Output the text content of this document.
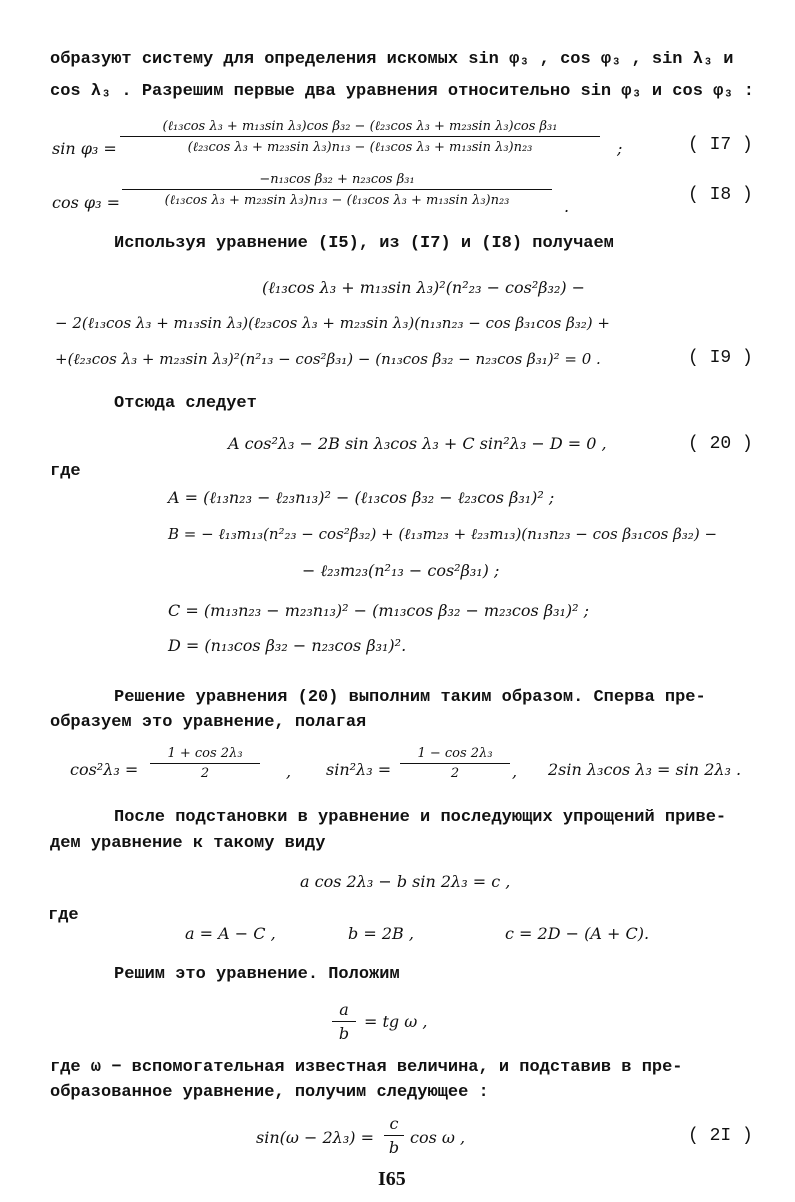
образуют систему для определения искомых sin φ₃ , cos φ₃ , sin λ₃ и
cos λ₃ . Разрешим первые два уравнения относительно sin φ₃ и cos φ₃ :
sin φ₃ =
(ℓ₁₃cos λ₃ + m₁₃sin λ₃)cos β₃₂ − (ℓ₂₃cos λ₃ + m₂₃sin λ₃)cos β₃₁
(ℓ₂₃cos λ₃ + m₂₃sin λ₃)n₁₃ − (ℓ₁₃cos λ₃ + m₁₃sin λ₃)n₂₃	;	( I7 )
cos φ₃ =
−n₁₃cos β₃₂ + n₂₃cos β₃₁
(ℓ₁₃cos λ₃ + m₂₃sin λ₃)n₁₃ − (ℓ₁₃cos λ₃ + m₁₃sin λ₃)n₂₃	.
( I8 )
Используя уравнение (I5), из (I7) и (I8) получаем
(ℓ₁₃cos λ₃ + m₁₃sin λ₃)²(n²₂₃ − cos²β₃₂) −
− 2(ℓ₁₃cos λ₃ + m₁₃sin λ₃)(ℓ₂₃cos λ₃ + m₂₃sin λ₃)(n₁₃n₂₃ − cos β₃₁cos β₃₂) +
+(ℓ₂₃cos λ₃ + m₂₃sin λ₃)²(n²₁₃ − cos²β₃₁) − (n₁₃cos β₃₂ − n₂₃cos β₃₁)² = 0 .	( I9 )
Отсюда следует
A cos²λ₃ − 2B sin λ₃cos λ₃ + C sin²λ₃ − D = 0 ,	( 20 )
где
A = (ℓ₁₃n₂₃ − ℓ₂₃n₁₃)² − (ℓ₁₃cos β₃₂ − ℓ₂₃cos β₃₁)² ;
B = − ℓ₁₃m₁₃(n²₂₃ − cos²β₃₂) + (ℓ₁₃m₂₃ + ℓ₂₃m₁₃)(n₁₃n₂₃ − cos β₃₁cos β₃₂) −
− ℓ₂₃m₂₃(n²₁₃ − cos²β₃₁) ;
C = (m₁₃n₂₃ − m₂₃n₁₃)² − (m₁₃cos β₃₂ − m₂₃cos β₃₁)² ;
D = (n₁₃cos β₃₂ − n₂₃cos β₃₁)².
Решение уравнения (20) выполним таким образом. Сперва пре-
образуем это уравнение, полагая
$\cos^2\lambda_3 = \frac{\text{1 + cos 2λ₃}}{2}$ , $\sin^2\lambda_3 = \frac{\text{1 − cos 2λ₃}}{2}$ , 2sin λ₃cos λ₃ = sin 2λ₃ .
После подстановки в уравнение и последующих упрощений приве-
дем уравнение к такому виду
a cos 2λ₃ − b sin 2λ₃ = c ,
где
a = A − C ,	b = 2B ,	c = 2D − (A + C).
Решим это уравнение. Положим
$\frac{a}{b}$ = tg ω ,
где ω − вспомогательная известная величина, и подставив в пре-
образованное уравнение, получим следующее :
$\sin(\omega - 2\lambda_3) = \frac{c}{b}$ cos ω ,	( 2I )
I65
